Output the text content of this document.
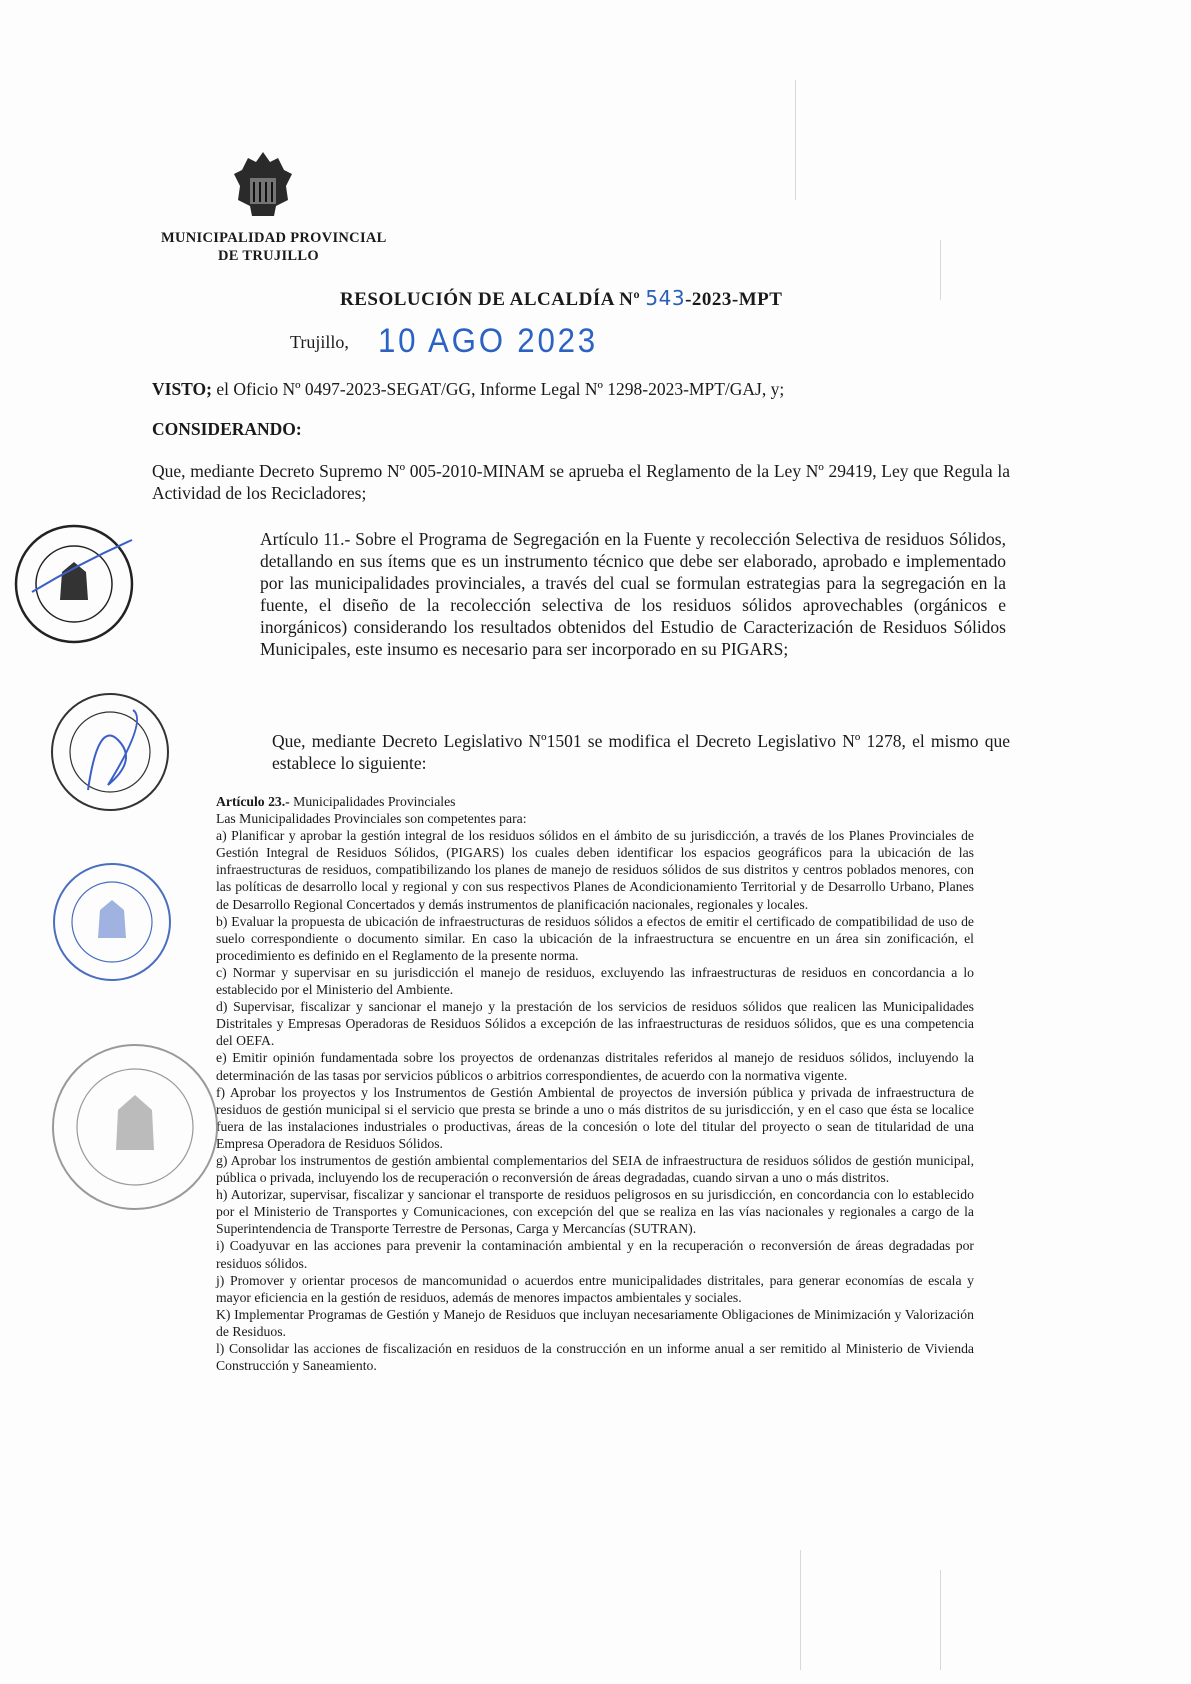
MUNICIPALIDAD PROVINCIAL
DE TRUJILLO
RESOLUCIÓN DE ALCALDÍA Nº 543-2023-MPT
Trujillo, 10 AGO 2023
VISTO; el Oficio Nº 0497-2023-SEGAT/GG, Informe Legal Nº 1298-2023-MPT/GAJ, y;
CONSIDERANDO:
Que, mediante Decreto Supremo Nº 005-2010-MINAM se aprueba el Reglamento de la Ley Nº 29419, Ley que Regula la Actividad de los Recicladores;
Artículo 11.- Sobre el Programa de Segregación en la Fuente y recolección Selectiva de residuos Sólidos, detallando en sus ítems que es un instrumento técnico que debe ser elaborado, aprobado e implementado por las municipalidades provinciales, a través del cual se formulan estrategias para la segregación en la fuente, el diseño de la recolección selectiva de los residuos sólidos aprovechables (orgánicos e inorgánicos) considerando los resultados obtenidos del Estudio de Caracterización de Residuos Sólidos Municipales, este insumo es necesario para ser incorporado en su PIGARS;
Que, mediante Decreto Legislativo Nº1501 se modifica el Decreto Legislativo Nº 1278, el mismo que establece lo siguiente:
Artículo 23.- Municipalidades Provinciales
Las Municipalidades Provinciales son competentes para:
a) Planificar y aprobar la gestión integral de los residuos sólidos en el ámbito de su jurisdicción, a través de los Planes Provinciales de Gestión Integral de Residuos Sólidos, (PIGARS) los cuales deben identificar los espacios geográficos para la ubicación de las infraestructuras de residuos, compatibilizando los planes de manejo de residuos sólidos de sus distritos y centros poblados menores, con las políticas de desarrollo local y regional y con sus respectivos Planes de Acondicionamiento Territorial y de Desarrollo Urbano, Planes de Desarrollo Regional Concertados y demás instrumentos de planificación nacionales, regionales y locales.
b) Evaluar la propuesta de ubicación de infraestructuras de residuos sólidos a efectos de emitir el certificado de compatibilidad de uso de suelo correspondiente o documento similar. En caso la ubicación de la infraestructura se encuentre en un área sin zonificación, el procedimiento es definido en el Reglamento de la presente norma.
c) Normar y supervisar en su jurisdicción el manejo de residuos, excluyendo las infraestructuras de residuos en concordancia a lo establecido por el Ministerio del Ambiente.
d) Supervisar, fiscalizar y sancionar el manejo y la prestación de los servicios de residuos sólidos que realicen las Municipalidades Distritales y Empresas Operadoras de Residuos Sólidos a excepción de las infraestructuras de residuos sólidos, que es una competencia del OEFA.
e) Emitir opinión fundamentada sobre los proyectos de ordenanzas distritales referidos al manejo de residuos sólidos, incluyendo la determinación de las tasas por servicios públicos o arbitrios correspondientes, de acuerdo con la normativa vigente.
f) Aprobar los proyectos y los Instrumentos de Gestión Ambiental de proyectos de inversión pública y privada de infraestructura de residuos de gestión municipal si el servicio que presta se brinde a uno o más distritos de su jurisdicción, y en el caso que ésta se localice fuera de las instalaciones industriales o productivas, áreas de la concesión o lote del titular del proyecto o sean de titularidad de una Empresa Operadora de Residuos Sólidos.
g) Aprobar los instrumentos de gestión ambiental complementarios del SEIA de infraestructura de residuos sólidos de gestión municipal, pública o privada, incluyendo los de recuperación o reconversión de áreas degradadas, cuando sirvan a uno o más distritos.
h) Autorizar, supervisar, fiscalizar y sancionar el transporte de residuos peligrosos en su jurisdicción, en concordancia con lo establecido por el Ministerio de Transportes y Comunicaciones, con excepción del que se realiza en las vías nacionales y regionales a cargo de la Superintendencia de Transporte Terrestre de Personas, Carga y Mercancías (SUTRAN).
i) Coadyuvar en las acciones para prevenir la contaminación ambiental y en la recuperación o reconversión de áreas degradadas por residuos sólidos.
j) Promover y orientar procesos de mancomunidad o acuerdos entre municipalidades distritales, para generar economías de escala y mayor eficiencia en la gestión de residuos, además de menores impactos ambientales y sociales.
K) Implementar Programas de Gestión y Manejo de Residuos que incluyan necesariamente Obligaciones de Minimización y Valorización de Residuos.
l) Consolidar las acciones de fiscalización en residuos de la construcción en un informe anual a ser remitido al Ministerio de Vivienda Construcción y Saneamiento.
